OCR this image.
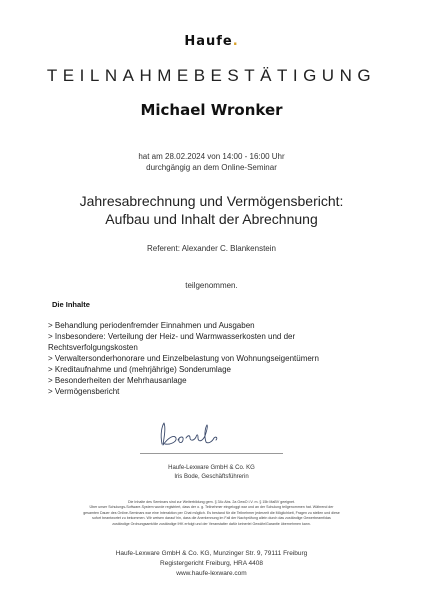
Haufe.
TEILNAHMEBESTÄTIGUNG
Michael Wronker
hat am 28.02.2024 von 14:00 - 16:00 Uhr
durchgängig an dem Online-Seminar
Jahresabrechnung und Vermögensbericht:
Aufbau und Inhalt der Abrechnung
Referent: Alexander C. Blankenstein
teilgenommen.
Die Inhalte
> Behandlung periodenfremder Einnahmen und Ausgaben
> Insbesondere: Verteilung der Heiz- und Warmwasserkosten und der
Rechtsverfolgungskosten
> Verwaltersonderhonorare und Einzelbelastung von Wohnungseigentümern
> Kreditaufnahme und (mehrjährige) Sonderumlage
> Besonderheiten der Mehrhausanlage
> Vermögensbericht
Haufe-Lexware GmbH & Co. KG
Iris Bode, Geschäftsführerin
Die Inhalte des Seminars sind zur Weiterbildung gem. § 34c Abs. 2a GewO i.V. m. § 15b MaBV geeignet.
Über unser Schulungs-Software-System wurde registriert, dass der o. g. Teilnehmer eingeloggt war und an der Schulung teilgenommen hat. Während der
gesamten Dauer des Online-Seminars war eine Interaktion per Chat möglich. Es bestand für die Teilnehmer jederzeit die Möglichkeit, Fragen zu stellen und diese
sofort beantwortet zu bekommen. Wir weisen darauf hin, dass die Anerkennung im Fall der Nachprüfung allein durch das zuständige Gewerbeamt/das
zuständige Ordnungsamt/die zuständige IHK erfolgt und der Veranstalter dafür keinerlei Gewähr/Garantie übernehmen kann.
Haufe-Lexware GmbH & Co. KG, Munzinger Str. 9, 79111 Freiburg
Registergericht Freiburg, HRA 4408
www.haufe-lexware.com
